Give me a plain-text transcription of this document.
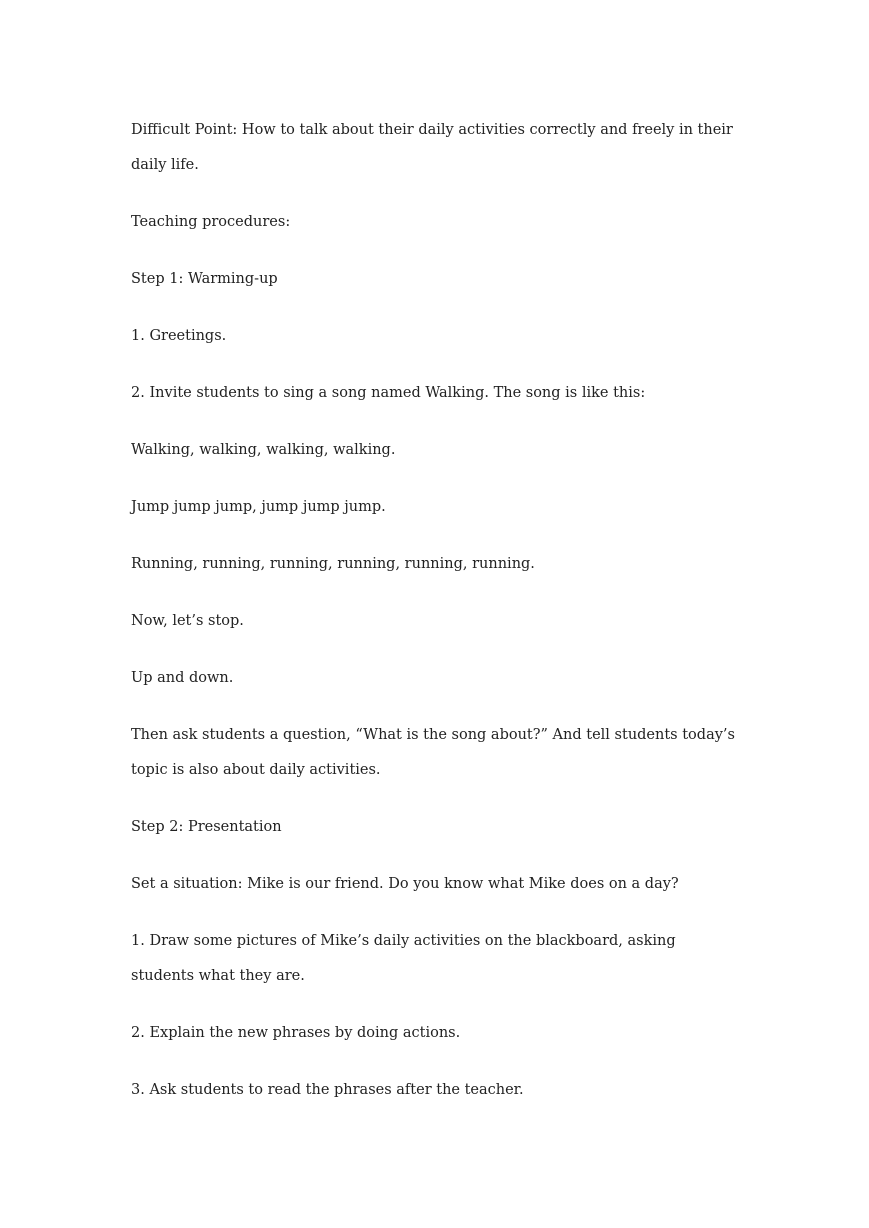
Difficult Point: How to talk about their daily activities correctly and freely in their daily life.

Teaching procedures:

Step 1: Warming-up

1. Greetings.

2. Invite students to sing a song named Walking. The song is like this:

Walking, walking, walking, walking.

Jump jump jump, jump jump jump.

Running, running, running, running, running, running.

Now, let’s stop.

Up and down.

Then ask students a question, “What is the song about?” And tell students today’s topic is also about daily activities.

Step 2: Presentation

Set a situation: Mike is our friend. Do you know what Mike does on a day?

1. Draw some pictures of Mike’s daily activities on the blackboard, asking students what they are.

2. Explain the new phrases by doing actions.

3. Ask students to read the phrases after the teacher.
